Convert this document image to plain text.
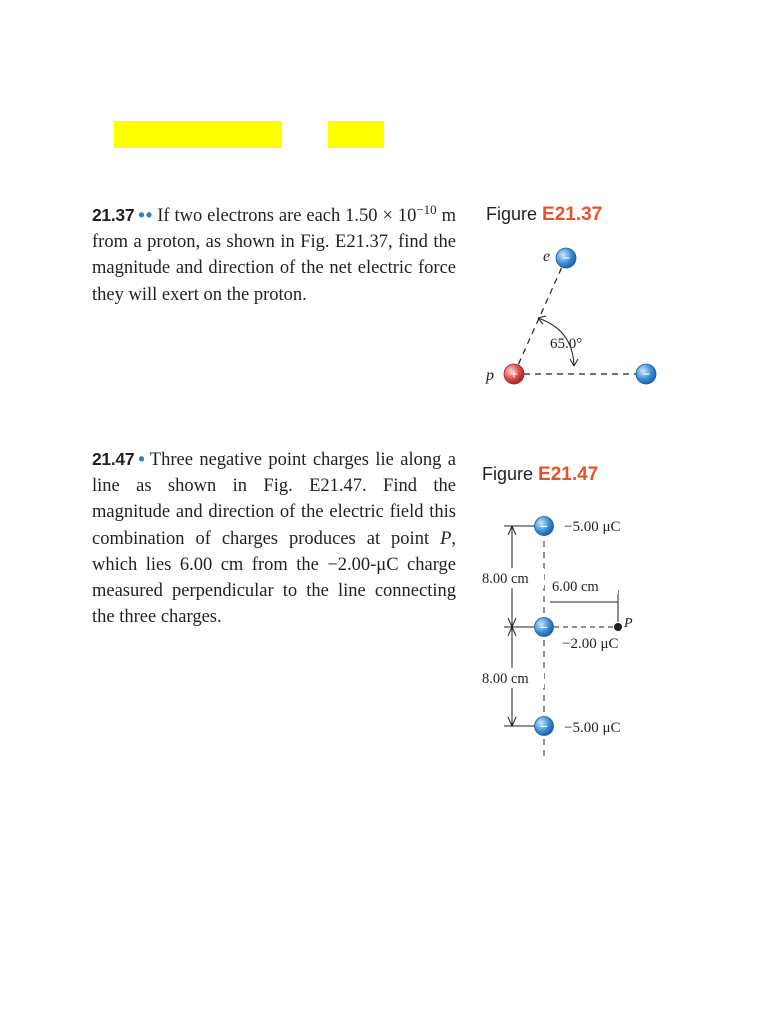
21.37 •• If two electrons are each $1.50 \times 10^{-10}$ m from a proton, as shown in Fig. E21.37, find the magnitude and direction of the net electric force they will exert on the proton.

Figure E21.37
65.0°
−
e
+
p	−

21.47 • Three negative point charges lie along a line as shown in Fig. E21.47. Find the magnitude and direction of the electric field this combination of charges produces at point P, which lies 6.00 cm from the −2.00-μC charge measured perpendicular to the line connecting the three charges.

Figure E21.47
8.00 cm
8.00 cm
6.00 cm
P
−
−
−
−5.00 μC
−2.00 μC
−5.00 μC
